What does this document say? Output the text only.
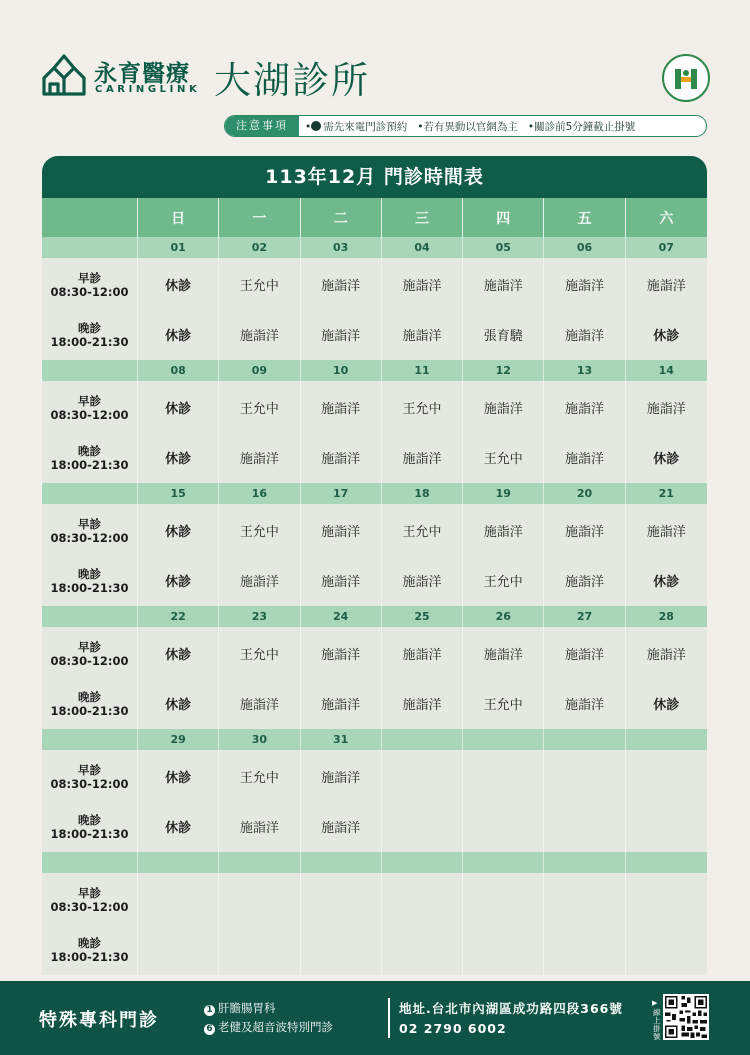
永育醫療
CARINGLINK 大湖診所
注意事項	• 需先來電門診預約 •若有異動以官網為主 •關診前5分鐘截止掛號
113年12月 門診時間表
日	一	二	三	四	五	六
01	02	03	04	05	06	07
早診
08:30-12:00	休診	王允中	施詣洋	施詣洋	施詣洋	施詣洋	施詣洋
晚診
18:00-21:30	休診	施詣洋	施詣洋	施詣洋	張育驍	施詣洋	休診
08	09	10	11	12	13	14
早診
08:30-12:00	休診	王允中	施詣洋	王允中	施詣洋	施詣洋	施詣洋
晚診
18:00-21:30	休診	施詣洋	施詣洋	施詣洋	王允中	施詣洋	休診
15	16	17	18	19	20	21
早診
08:30-12:00	休診	王允中	施詣洋	王允中	施詣洋	施詣洋	施詣洋
晚診
18:00-21:30	休診	施詣洋	施詣洋	施詣洋	王允中	施詣洋	休診
22	23	24	25	26	27	28
早診
08:30-12:00	休診	王允中	施詣洋	施詣洋	施詣洋	施詣洋	施詣洋
晚診
18:00-21:30	休診	施詣洋	施詣洋	施詣洋	王允中	施詣洋	休診
29	30	31
早診
08:30-12:00	休診	王允中	施詣洋
晚診
18:00-21:30	休診	施詣洋	施詣洋
早診
08:30-12:00
晚診
18:00-21:30
特殊專科門診	1 肝膽腸胃科
6 老健及超音波特別門診
地址.台北市內湖區成功路四段366號
02 2790 6002
▶
線上掛號
